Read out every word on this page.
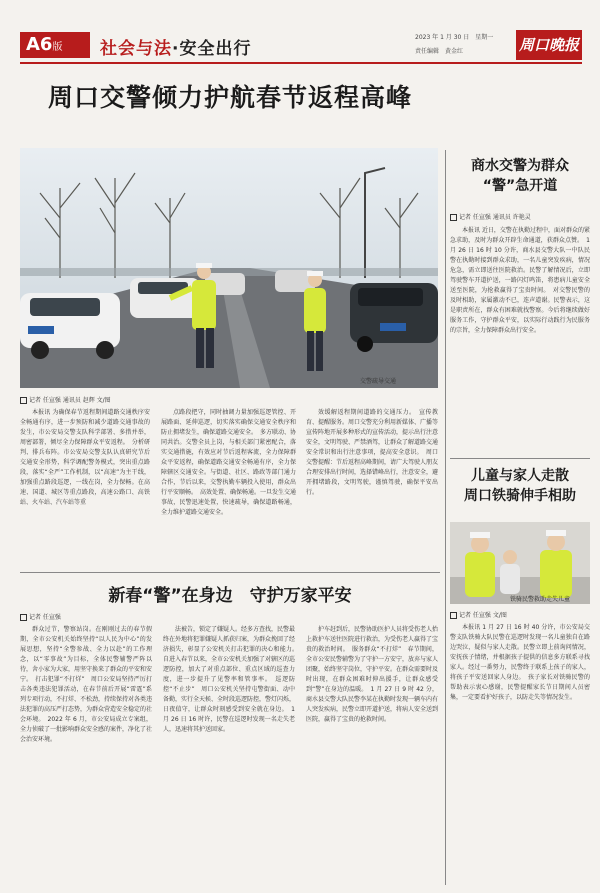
A6版	社会与法·安全出行
2023 年 1 月 30 日　星期一
责任编辑　黄金红	周口晚报
周口交警倾力护航春节返程高峰
交警疏导交通
记者 任宣强 通讯员 赵辉 文/图
本报讯 为确保春节返程期间道路交通秩序安全畅通有序，进一步预防和减少道路交通事故的发生，市公安局交警支队科学部署、多措并举，周密部署，倾尽全力保障群众平安返程。　分析研判、排兵布阵。市公安局交警支队认真研究节后交通安全形势，科学调配警务模式，突出重点路段，落实“全严”工作机制，以“高速”为主干线，加强重点路段巡逻，一线在岗，全力保畅。在高速、国道、城区等重点路段，高速公路口、高铁站、火车站、汽车站等重
点路段把守，同时抽调力量加强巡逻管控、开展路面、延伸巡逻，切实落实确保交通安全秩序和防止拥堵发生，确保道路交通安全。　多方联动、协同共治。交警全员上岗，与相关部门紧密配合，落实交通措施，有效应对节后返程客流，全力保障群众平安返程，确保道路交通安全畅通有序，全力保障辖区交通安全。与街道、社区、路政等部门通力合作，节后以来，交警执勤车辆投入使用，群众出行平安顺畅。　高效处置、确保畅通。一旦发生交通事故，民警迅速处置，快速疏导，确保道路畅通，全力维护道路交通安全。
效缓解返程期间道路的交通压力。　宣传教育、提醒服务。周口交警充分利用新媒体、广播等宣传阵地开展多种形式的宣传活动，提示出行注意安全，文明驾驶、严禁酒驾，让群众了解道路交通安全常识和出行注意事项，提高安全意识。　周口交警提醒：节后返程高峰期间，请广大驾驶人朋友合理安排出行时间，选择错峰出行，注意安全，避开拥堵路段，文明驾驶，谨慎驾驶，确保平安出行。
新春“警”在身边　守护万家平安
记者 任宣强
群众过节，警察站岗。在刚刚过去的春节假期，全市公安机关始终坚持“以人民为中心”的发展思想，坚持“全警参战、全力以赴”的工作理念，以“零事故”为目标，全体民警辅警严阵以待，舍小家为大家，用坚守换来了群众的平安和安宁。　打击犯罪“不打烊”　周口公安局坚持严厉打击各类违法犯罪活动，在春节前后开展“雷霆”系列专项行动，不打烊、不松劲，持续保持对各类违法犯罪的高压严打态势，为群众营造安全稳定的社会环境。　2022 年 6 月，市公安局成立专案组，全力侦破了一批影响群众安全感的案件，净化了社会治安环境。
法被告，锁定了嫌疑人。经多方查找，民警最终在外地将犯罪嫌疑人抓获归案，为群众挽回了经济损失，彰显了公安机关打击犯罪的决心和能力。　自进入春节以来，全市公安机关加强了对辖区的巡逻防控，加大了对重点部位、重点区域的巡查力度，进一步提升了见警率和管事率。　巡逻防控“不止步”　周口公安机关坚持屯警街面、动中备勤，实行全天候、全时段巡逻防控，警灯闪烁，日夜值守，让群众时刻感受到安全就在身边。　1 月 26 日 16 时许，民警在巡逻时发现一名走失老人，迅速将其护送回家。
护车赶到后，民警协助医护人员将受伤老人抬上救护车送往医院进行救治，为受伤老人赢得了宝贵的救治时间。　服务群众“不打烊”　春节期间，全市公安民警辅警为了守护一方安宁，放弃与家人团聚，始终坚守岗位，守护平安。在群众需要时及时出现，在群众困难时伸出援手，让群众感受到“警”在身边的温暖。　1 月 27 日 9 时 42 分，商水县交警大队民警李某在执勤时发现一辆车内有人突发疾病，民警立即开道护送，将病人安全送到医院，赢得了宝贵的抢救时间。
商水交警为群众
“警”急开道
记者 任宣强 通讯员 许艳灵
本报讯 近日，交警在执勤过程中，面对群众的紧急求助，及时为群众开辟生命通道，获群众点赞。　1 月 26 日 16 时 10 分许，商水县交警大队一中队民警在执勤时接到群众求助，一名儿童突发疾病，情况危急，需立即送往医院救治。民警了解情况后，立即驾驶警车开道护送，一路闪灯鸣笛，将患病儿童安全送至医院，为抢救赢得了宝贵时间。　对交警民警的及时相助，家属激动不已，连声道谢。民警表示，这是职责所在，群众有困难就找警察。今后将继续做好服务工作，守护群众平安，以实际行动践行为民服务的宗旨，全力保障群众出行安全。
儿童与家人走散
周口铁骑伸手相助
铁骑民警救助走失儿童
记者 任宣强 文/图
本报讯 1 月 27 日 16 时 40 分许，市公安局交警支队铁骑大队民警在巡逻时发现一名儿童独自在路边哭泣，疑似与家人走散。民警立即上前询问情况，安抚孩子情绪，并根据孩子提供的信息多方联系寻找家人。经过一番努力，民警终于联系上孩子的家人，将孩子平安送回家人身边。　孩子家长对铁骑民警的帮助表示衷心感谢，民警提醒家长节日期间人员密集，一定要看护好孩子，以防走失等情况发生。
